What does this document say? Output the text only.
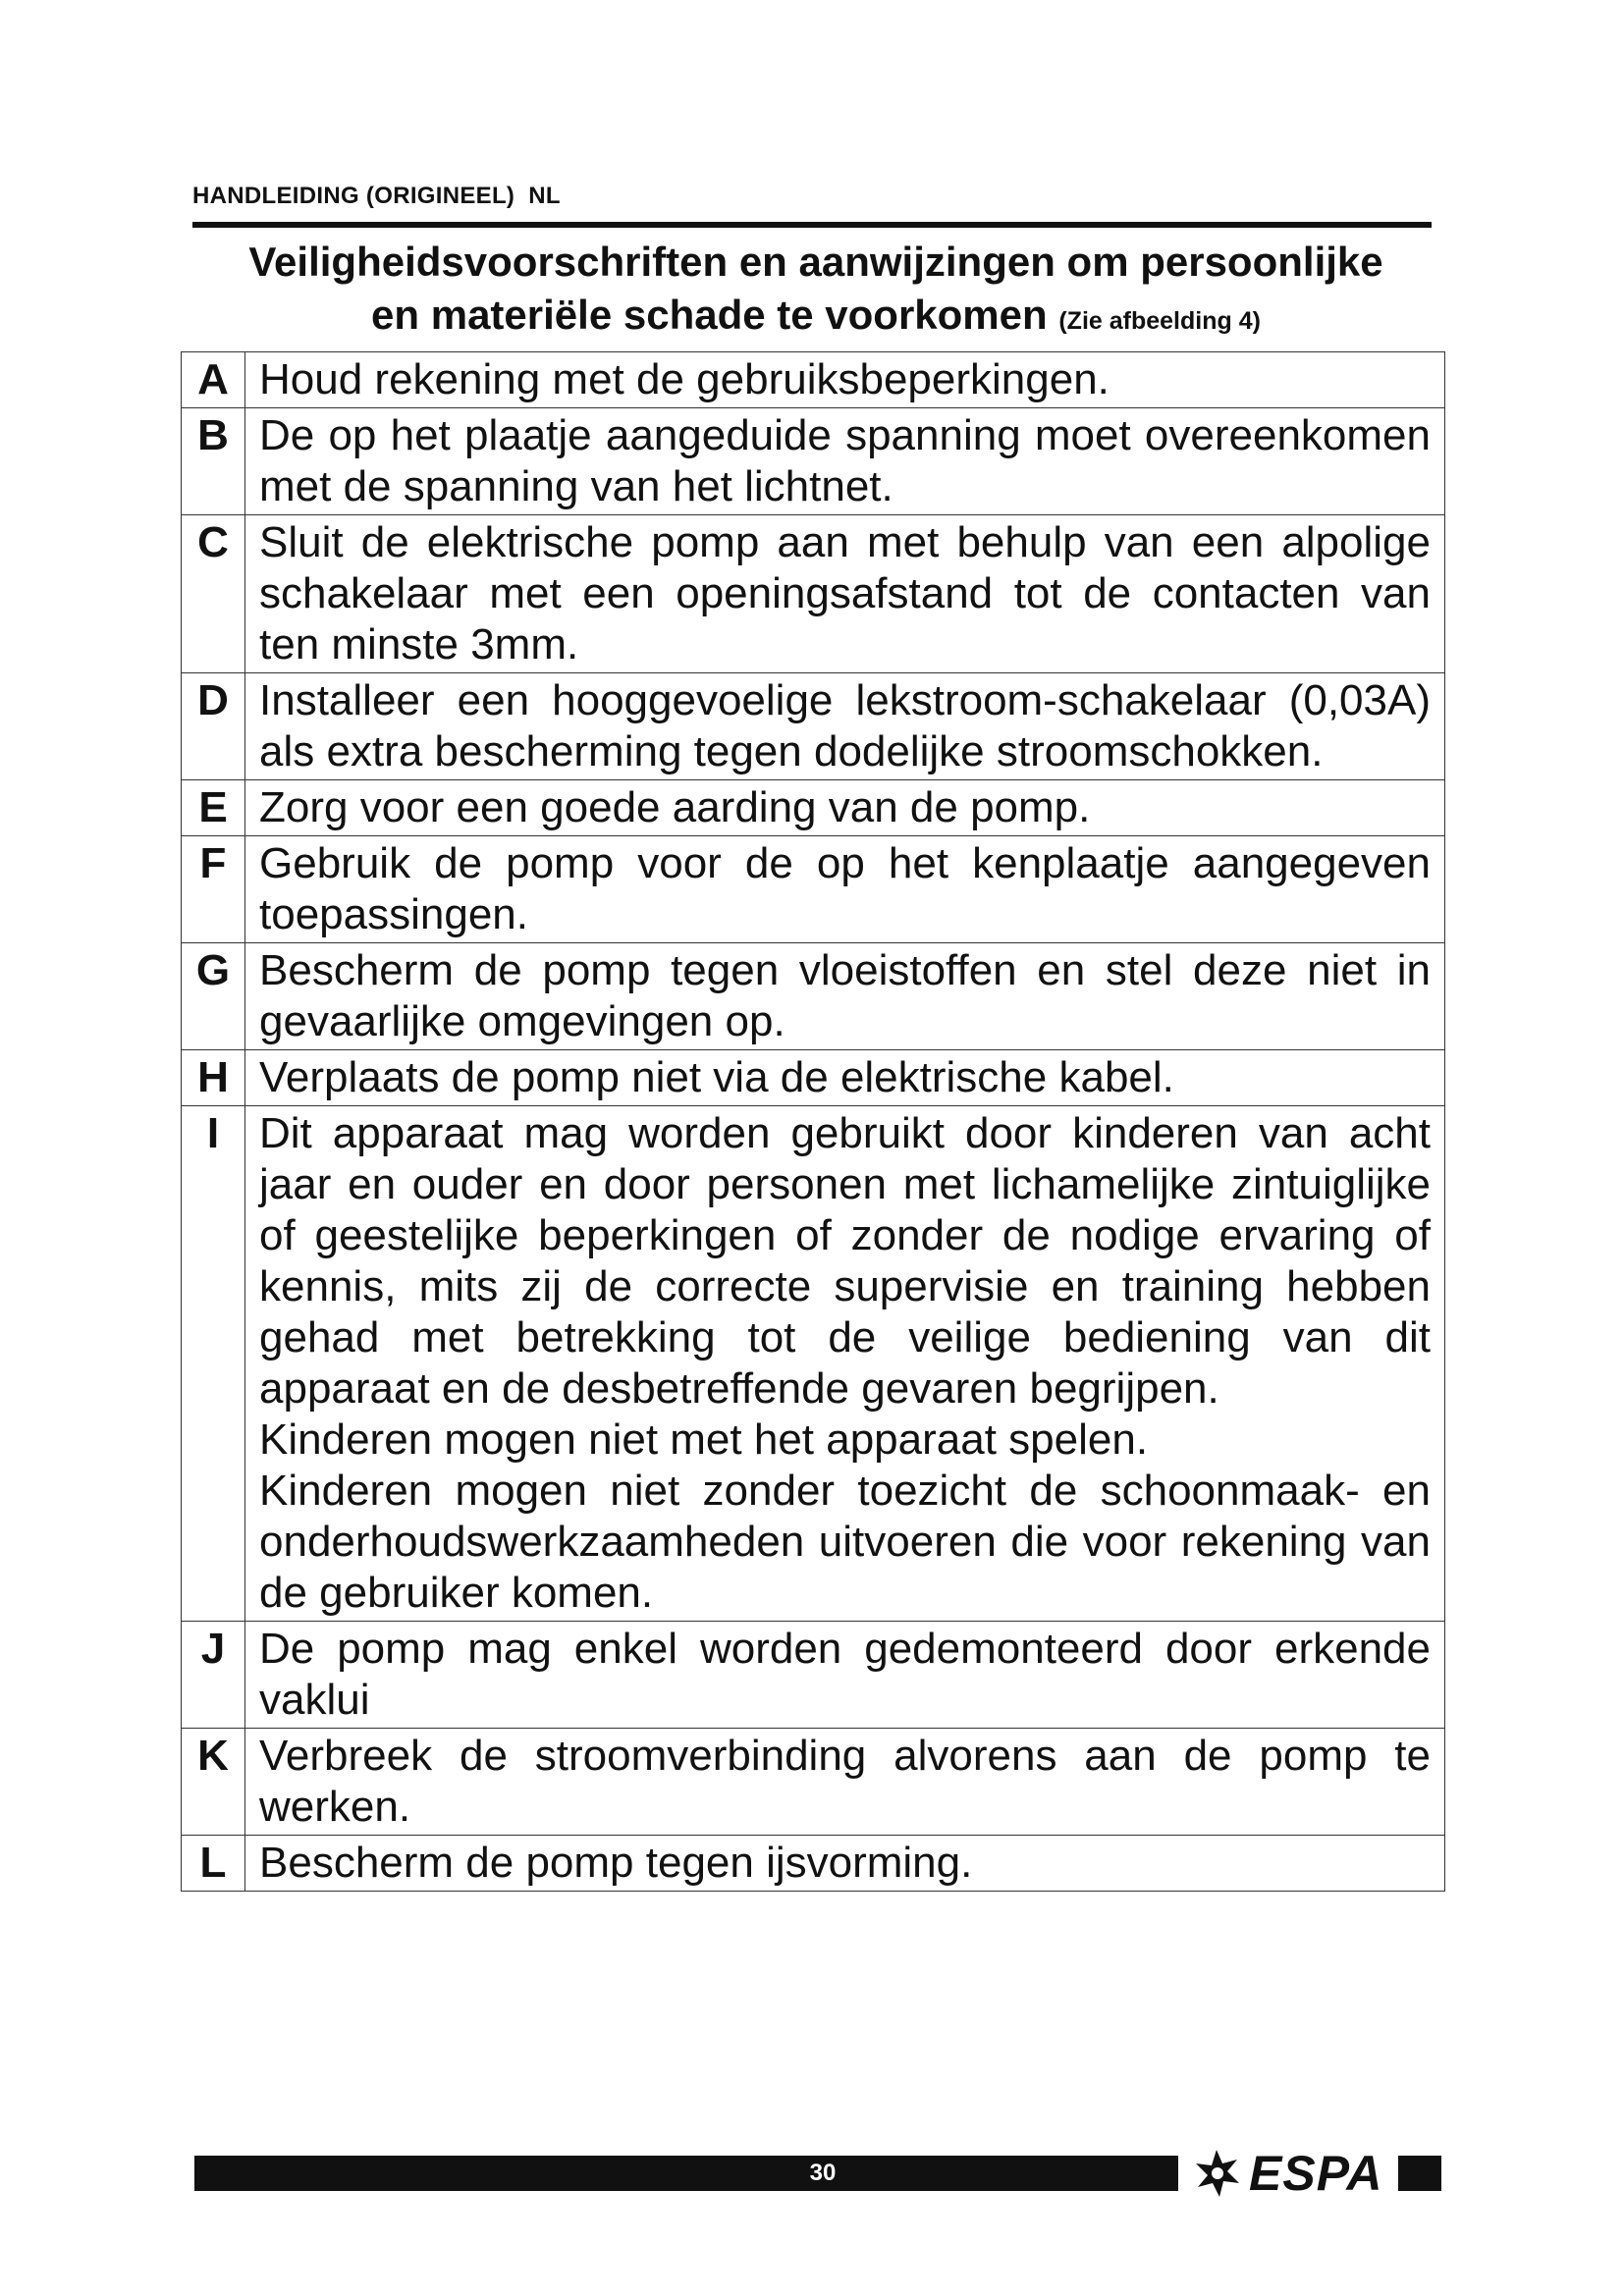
HANDLEIDING (ORIGINEEL) NL
Veiligheidsvoorschriften en aanwijzingen om persoonlijke
en materiële schade te voorkomen (Zie afbeelding 4)
A	Houd rekening met de gebruiksbeperkingen.

B	De op het plaatje aangeduide spanning moet overeenkomen met de spanning van het lichtnet.

C	Sluit de elektrische pomp aan met behulp van een alpolige schakelaar met een openingsafstand tot de contacten van ten minste 3mm.

D	Installeer een hooggevoelige lekstroom-schakelaar (0,03A) als extra bescherming tegen dodelijke stroomschokken.

E	Zorg voor een goede aarding van de pomp.

F	Gebruik de pomp voor de op het kenplaatje aangegeven toepassingen.

G	Bescherm de pomp tegen vloeistoffen en stel deze niet in gevaarlijke omgevingen op.

H	Verplaats de pomp niet via de elektrische kabel.

I	Dit apparaat mag worden gebruikt door kinderen van acht jaar en ouder en door personen met lichamelijke zintuiglijke of geestelijke beperkingen of zonder de nodige ervaring of kennis, mits zij de correcte supervisie en training hebben gehad met betrekking tot de veilige bediening van dit apparaat en de desbetreffende gevaren begrijpen.

Kinderen mogen niet met het apparaat spelen.

Kinderen mogen niet zonder toezicht de schoonmaak- en onderhoudswerkzaamheden uitvoeren die voor rekening van de gebruiker komen.

J	De pomp mag enkel worden gedemonteerd door erkende vaklui

K	Verbreek de stroomverbinding alvorens aan de pomp te werken.

L	Bescherm de pomp tegen ijsvorming.

30	ESPA
